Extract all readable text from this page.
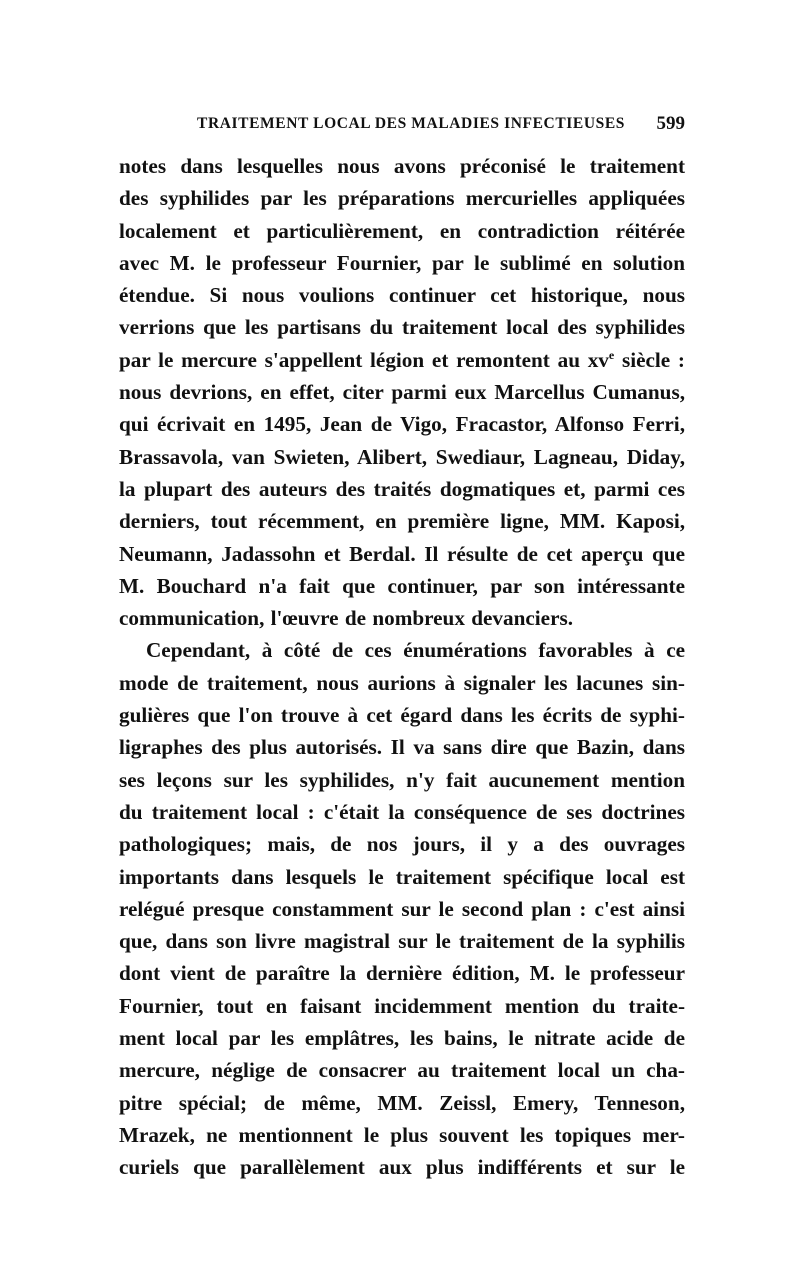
TRAITEMENT LOCAL DES MALADIES INFECTIEUSES 599
notes dans lesquelles nous avons préconisé le traitement
des syphilides par les préparations mercurielles appliquées
localement et particulièrement, en contradiction réitérée
avec M. le professeur Fournier, par le sublimé en solution
étendue. Si nous voulions continuer cet historique, nous
verrions que les partisans du traitement local des syphilides
par le mercure s'appellent légion et remontent au $xv^e$ siècle :
nous devrions, en effet, citer parmi eux Marcellus Cumanus,
qui écrivait en 1495, Jean de Vigo, Fracastor, Alfonso Ferri,
Brassavola, van Swieten, Alibert, Swediaur, Lagneau, Diday,
la plupart des auteurs des traités dogmatiques et, parmi ces
derniers, tout récemment, en première ligne, MM. Kaposi,
Neumann, Jadassohn et Berdal. Il résulte de cet aperçu que
M. Bouchard n'a fait que continuer, par son intéressante
communication, l'œuvre de nombreux devanciers.
Cependant, à côté de ces énumérations favorables à ce
mode de traitement, nous aurions à signaler les lacunes sin-
gulières que l'on trouve à cet égard dans les écrits de syphi-
ligraphes des plus autorisés. Il va sans dire que Bazin, dans
ses leçons sur les syphilides, n'y fait aucunement mention
du traitement local : c'était la conséquence de ses doctrines
pathologiques; mais, de nos jours, il y a des ouvrages
importants dans lesquels le traitement spécifique local est
relégué presque constamment sur le second plan : c'est ainsi
que, dans son livre magistral sur le traitement de la syphilis
dont vient de paraître la dernière édition, M. le professeur
Fournier, tout en faisant incidemment mention du traite-
ment local par les emplâtres, les bains, le nitrate acide de
mercure, néglige de consacrer au traitement local un cha-
pitre spécial; de même, MM. Zeissl, Emery, Tenneson,
Mrazek, ne mentionnent le plus souvent les topiques mer-
curiels que parallèlement aux plus indifférents et sur le
